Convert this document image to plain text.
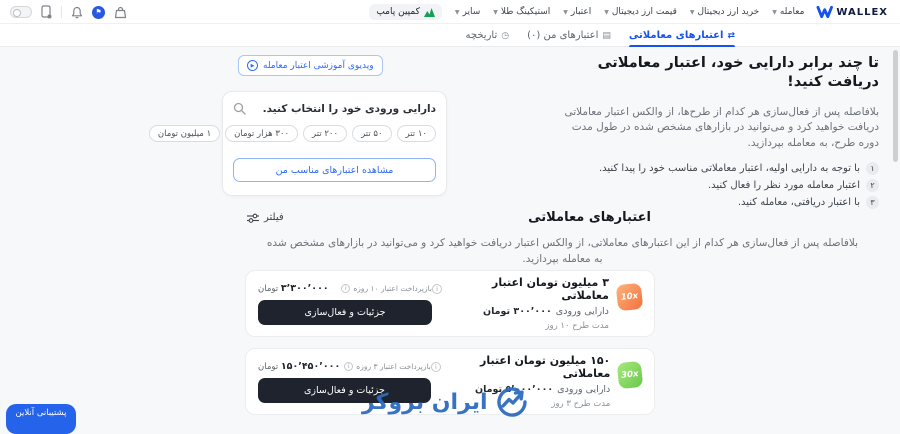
WALLEX
معامله
▼
خرید ارز دیجیتال
▼
قیمت ارز دیجیتال
▼
اعتبار
▼
استیکینگ طلا
▼
سایر
▼
کمپین پامپ
⚑
⇄
اعتبارهای معاملاتی
▤
اعتبارهای من (۰)
◷
تاریخچه
تا چند برابر دارایی خود، اعتبار معاملاتی دریافت کنید!

بلافاصله پس از فعال‌سازی هر کدام از طرح‌ها، از والکس اعتبار معاملاتی دریافت خواهید کرد و می‌توانید در بازارهای مشخص شده در طول مدت دوره طرح، به معامله بپردازید.

۱
با توجه به دارایی اولیه، اعتبار معاملاتی مناسب خود را پیدا کنید.
۲
اعتبار معامله مورد نظر را فعال کنید.
۳
با اعتبار دریافتی، معامله کنید.
ویدیوی آموزشی اعتبار معامله
▶
دارایی ورودی خود را انتخاب کنید.
۱۰ تتر
۵۰ تتر
۲۰۰ تتر
۳۰۰ هزار تومان
۱ میلیون تومان
مشاهده اعتبارهای مناسب من
اعتبارهای معاملاتی
فیلتر

بلافاصله پس از فعال‌سازی هر کدام از این اعتبارهای معاملاتی، از والکس اعتبار دریافت خواهید کرد و می‌توانید در بازارهای مشخص شده به معامله بپردازید.

10x
۳ میلیون تومان اعتبار معاملاتی
i
دارایی ورودی
۳۰۰٬۰۰۰ تومان
مدت طرح ۱۰ روز
بازپرداخت اعتبار ۱۰ روزه
i
۳٬۳۰۰٬۰۰۰ تومان
جزئیات و فعال‌سازی
30x
۱۵۰ میلیون تومان اعتبار معاملاتی
i
دارایی ورودی
۵٬۰۰۰٬۰۰۰ تومان
مدت طرح ۳ روز
بازپرداخت اعتبار ۳ روزه
i
۱۵۰٬۴۵۰٬۰۰۰ تومان
جزئیات و فعال‌سازی
ایران بروکر
پشتیبانی آنلاین
